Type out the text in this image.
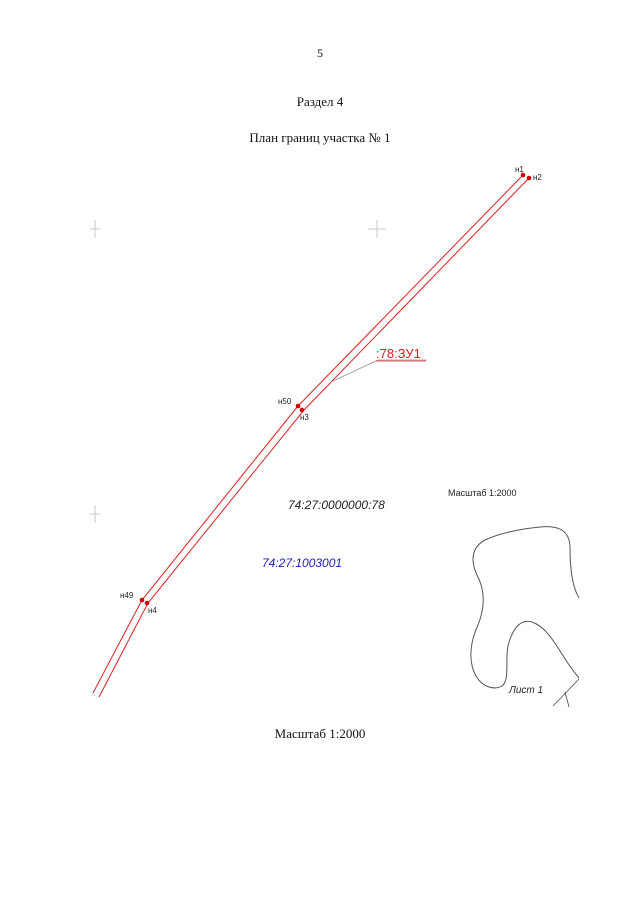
5
Раздел 4
План границ участка № 1
н1
н2
н50
н3
н49
н4
:78:ЗУ1
74:27:0000000:78
74:27:1003001
Масштаб 1:2000
Лист 1
Масштаб 1:2000
